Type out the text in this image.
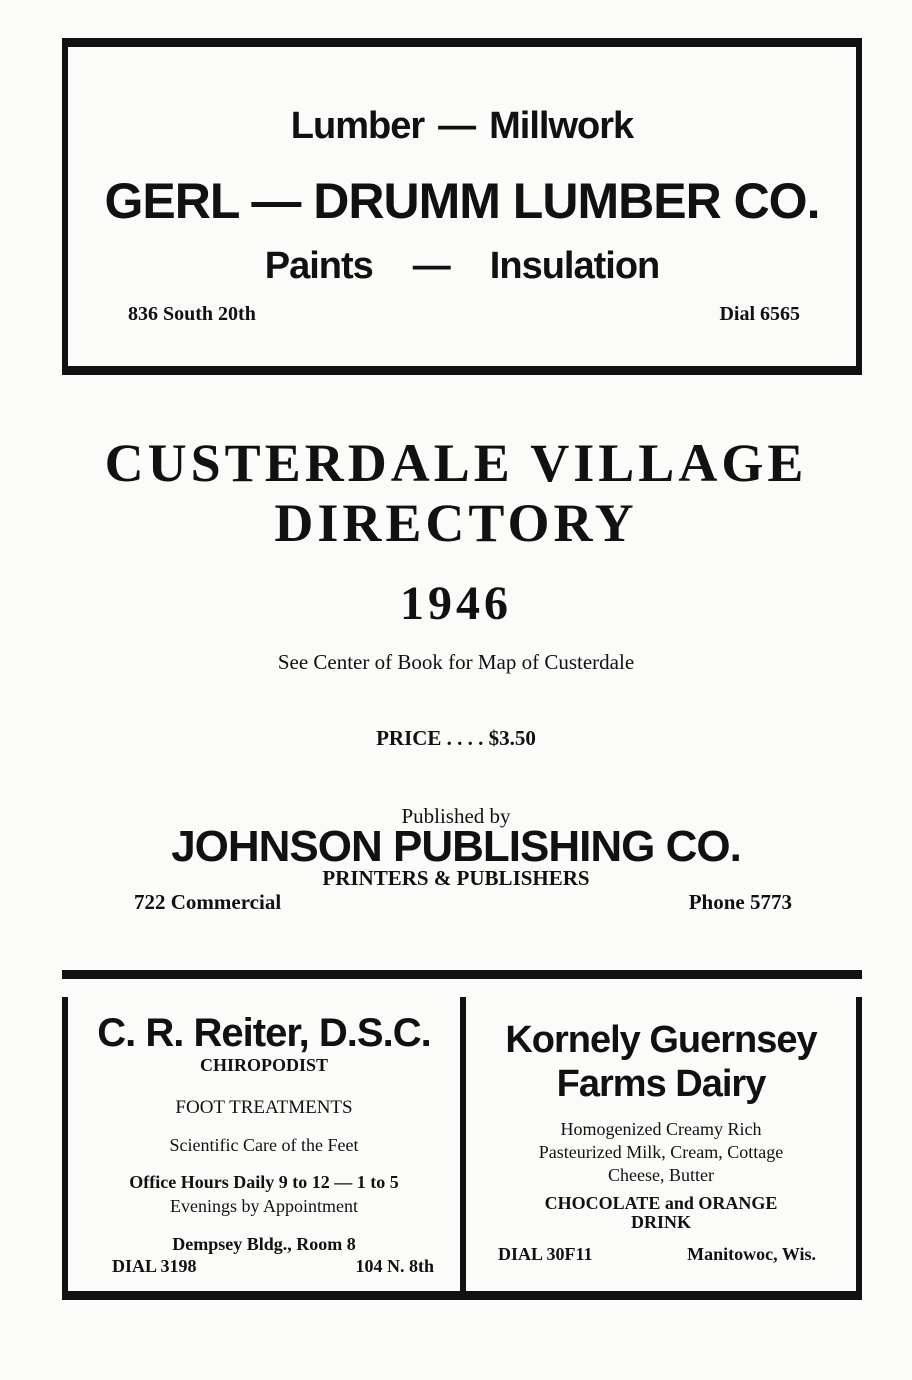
Lumber — Millwork
GERL — DRUMM LUMBER CO.
Paints — Insulation
836 South 20th	Dial 6565
CUSTERDALE VILLAGE
DIRECTORY
1946
See Center of Book for Map of Custerdale
PRICE . . . . $3.50
Published by
JOHNSON PUBLISHING CO.
PRINTERS & PUBLISHERS
722 Commercial	Phone 5773
C. R. Reiter, D.S.C.
CHIROPODIST
FOOT TREATMENTS
Scientific Care of the Feet
Office Hours Daily 9 to 12 — 1 to 5
Evenings by Appointment
Dempsey Bldg., Room 8
DIAL 3198	104 N. 8th
Kornely Guernsey
Farms Dairy
Homogenized Creamy Rich
Pasteurized Milk, Cream, Cottage
Cheese, Butter
CHOCOLATE and ORANGE
DRINK
DIAL 30F11	Manitowoc, Wis.
